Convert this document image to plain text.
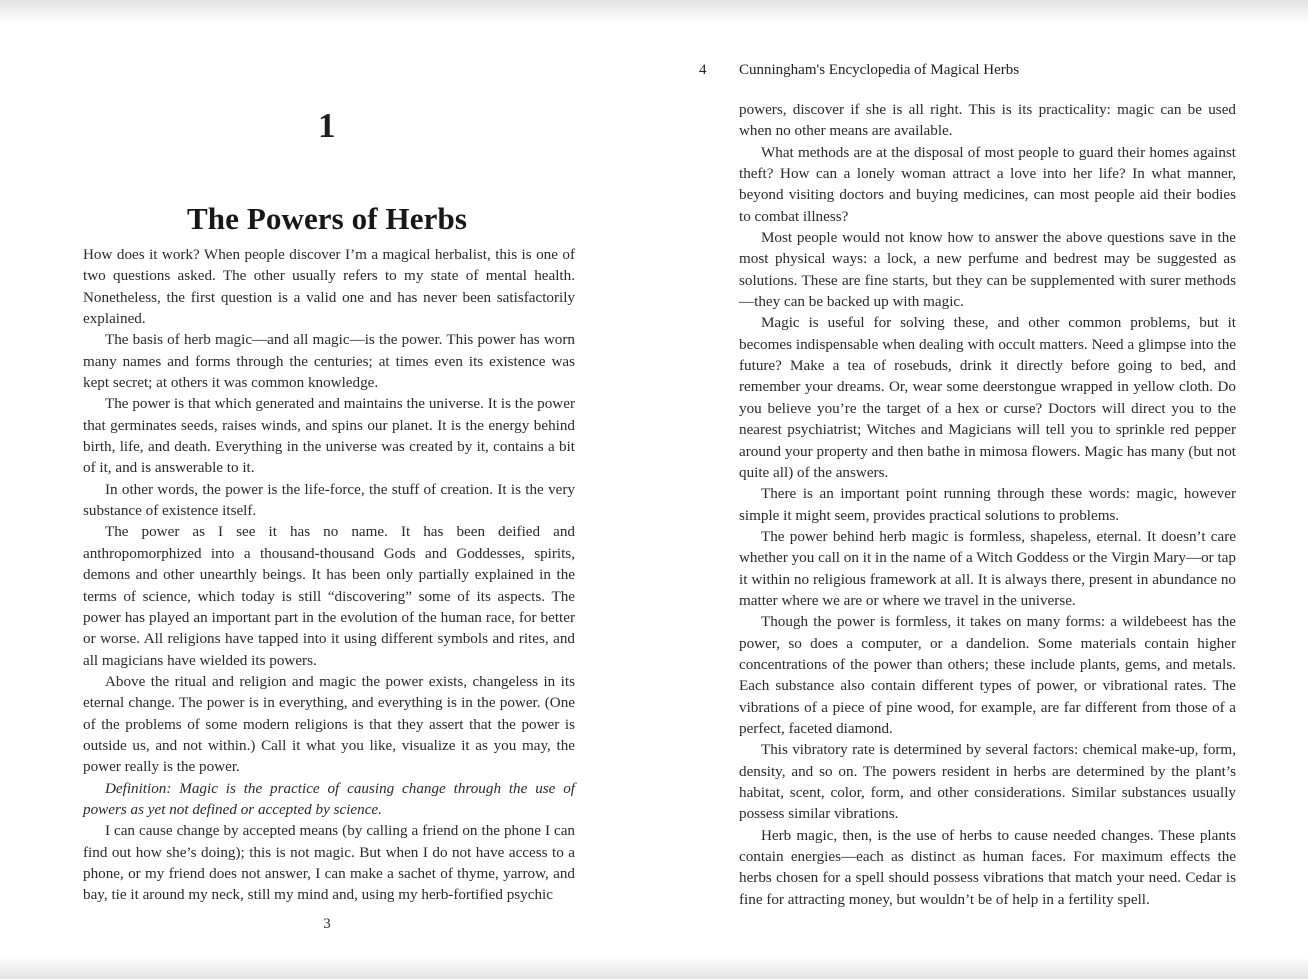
1
The Powers of Herbs

How does it work? When people discover I’m a magical herbalist, this is one of two questions asked. The other usually refers to my state of mental health. Nonetheless, the first question is a valid one and has never been satisfactorily explained.

The basis of herb magic—and all magic—is the power. This power has worn many names and forms through the centuries; at times even its existence was kept secret; at others it was common knowledge.

The power is that which generated and maintains the universe. It is the power that germinates seeds, raises winds, and spins our planet. It is the energy behind birth, life, and death. Everything in the universe was created by it, contains a bit of it, and is answerable to it.

In other words, the power is the life-force, the stuff of creation. It is the very substance of existence itself.

The power as I see it has no name. It has been deified and anthropomorphized into a thousand-thousand Gods and Goddesses, spirits, demons and other unearthly beings. It has been only partially explained in the terms of science, which today is still “discovering” some of its aspects. The power has played an important part in the evolution of the human race, for better or worse. All religions have tapped into it using different symbols and rites, and all magicians have wielded its powers.

Above the ritual and religion and magic the power exists, changeless in its eternal change. The power is in everything, and everything is in the power. (One of the problems of some modern religions is that they assert that the power is outside us, and not within.) Call it what you like, visualize it as you may, the power really is the power.

Definition: Magic is the practice of causing change through the use of powers as yet not defined or accepted by science.

I can cause change by accepted means (by calling a friend on the phone I can find out how she’s doing); this is not magic. But when I do not have access to a phone, or my friend does not answer, I can make a sachet of thyme, yarrow, and bay, tie it around my neck, still my mind and, using my herb-fortified psychic

3
4 Cunningham's Encyclopedia of Magical Herbs

powers, discover if she is all right. This is its practicality: magic can be used when no other means are available.

What methods are at the disposal of most people to guard their homes against theft? How can a lonely woman attract a love into her life? In what manner, beyond visiting doctors and buying medicines, can most people aid their bodies to combat illness?

Most people would not know how to answer the above questions save in the most physical ways: a lock, a new perfume and bedrest may be suggested as solutions. These are fine starts, but they can be supplemented with surer methods—they can be backed up with magic.

Magic is useful for solving these, and other common problems, but it becomes indispensable when dealing with occult matters. Need a glimpse into the future? Make a tea of rosebuds, drink it directly before going to bed, and remember your dreams. Or, wear some deerstongue wrapped in yellow cloth. Do you believe you’re the target of a hex or curse? Doctors will direct you to the nearest psychiatrist; Witches and Magicians will tell you to sprinkle red pepper around your property and then bathe in mimosa flowers. Magic has many (but not quite all) of the answers.

There is an important point running through these words: magic, however simple it might seem, provides practical solutions to problems.

The power behind herb magic is formless, shapeless, eternal. It doesn’t care whether you call on it in the name of a Witch Goddess or the Virgin Mary—or tap it within no religious framework at all. It is always there, present in abundance no matter where we are or where we travel in the universe.

Though the power is formless, it takes on many forms: a wildebeest has the power, so does a computer, or a dandelion. Some materials contain higher concentrations of the power than others; these include plants, gems, and metals. Each substance also contain different types of power, or vibrational rates. The vibrations of a piece of pine wood, for example, are far different from those of a perfect, faceted diamond.

This vibratory rate is determined by several factors: chemical make-up, form, density, and so on. The powers resident in herbs are determined by the plant’s habitat, scent, color, form, and other considerations. Similar substances usually possess similar vibrations.

Herb magic, then, is the use of herbs to cause needed changes. These plants contain energies—each as distinct as human faces. For maximum effects the herbs chosen for a spell should possess vibrations that match your need. Cedar is fine for attracting money, but wouldn’t be of help in a fertility spell.
